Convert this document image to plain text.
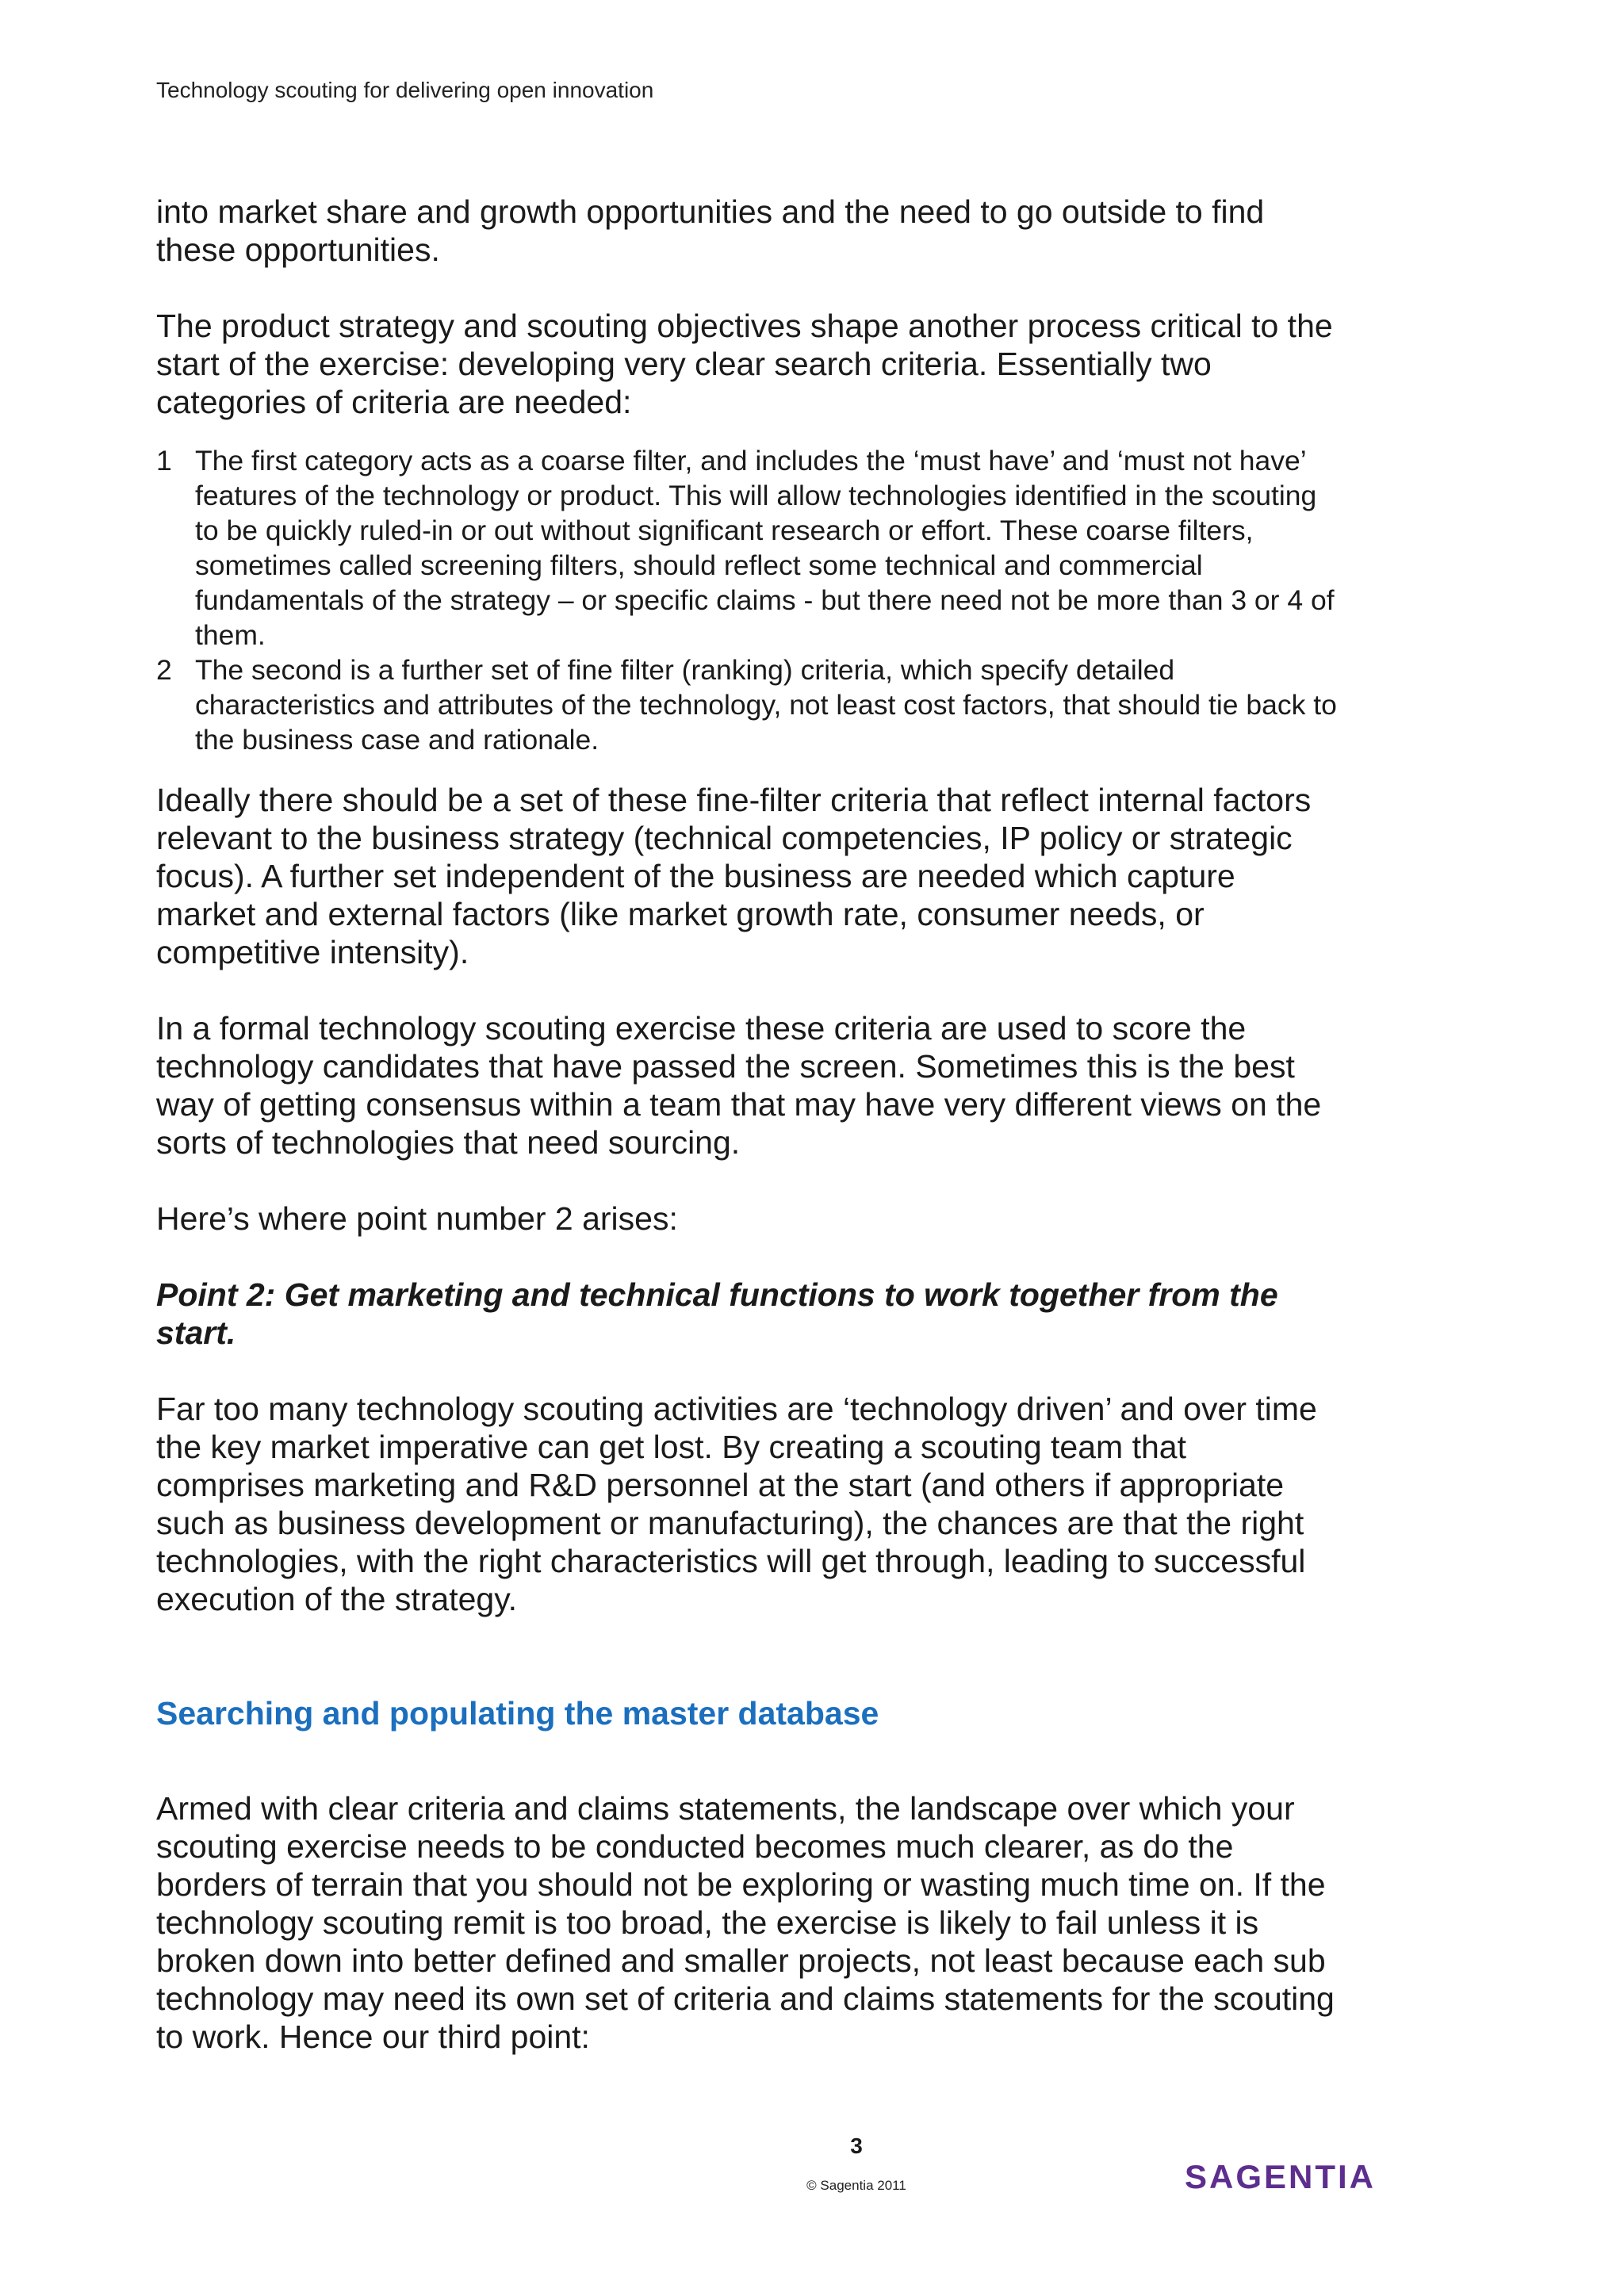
Technology scouting for delivering open innovation

into market share and growth opportunities and the need to go outside to find these opportunities.

The product strategy and scouting objectives shape another process critical to the start of the exercise: developing very clear search criteria. Essentially two categories of criteria are needed:

1 The first category acts as a coarse filter, and includes the ‘must have’ and ‘must not have’ features of the technology or product. This will allow technologies identified in the scouting to be quickly ruled-in or out without significant research or effort. These coarse filters, sometimes called screening filters, should reflect some technical and commercial fundamentals of the strategy – or specific claims - but there need not be more than 3 or 4 of them.
2 The second is a further set of fine filter (ranking) criteria, which specify detailed characteristics and attributes of the technology, not least cost factors, that should tie back to the business case and rationale.

Ideally there should be a set of these fine-filter criteria that reflect internal factors relevant to the business strategy (technical competencies, IP policy or strategic focus). A further set independent of the business are needed which capture market and external factors (like market growth rate, consumer needs, or competitive intensity).

In a formal technology scouting exercise these criteria are used to score the technology candidates that have passed the screen. Sometimes this is the best way of getting consensus within a team that may have very different views on the sorts of technologies that need sourcing.

Here’s where point number 2 arises:

Point 2: Get marketing and technical functions to work together from the start.

Far too many technology scouting activities are ‘technology driven’ and over time the key market imperative can get lost. By creating a scouting team that comprises marketing and R&D personnel at the start (and others if appropriate such as business development or manufacturing), the chances are that the right technologies, with the right characteristics will get through, leading to successful execution of the strategy.

Searching and populating the master database

Armed with clear criteria and claims statements, the landscape over which your scouting exercise needs to be conducted becomes much clearer, as do the borders of terrain that you should not be exploring or wasting much time on. If the technology scouting remit is too broad, the exercise is likely to fail unless it is broken down into better defined and smaller projects, not least because each sub technology may need its own set of criteria and claims statements for the scouting to work. Hence our third point:

3
© Sagentia 2011	SAGENTIA
